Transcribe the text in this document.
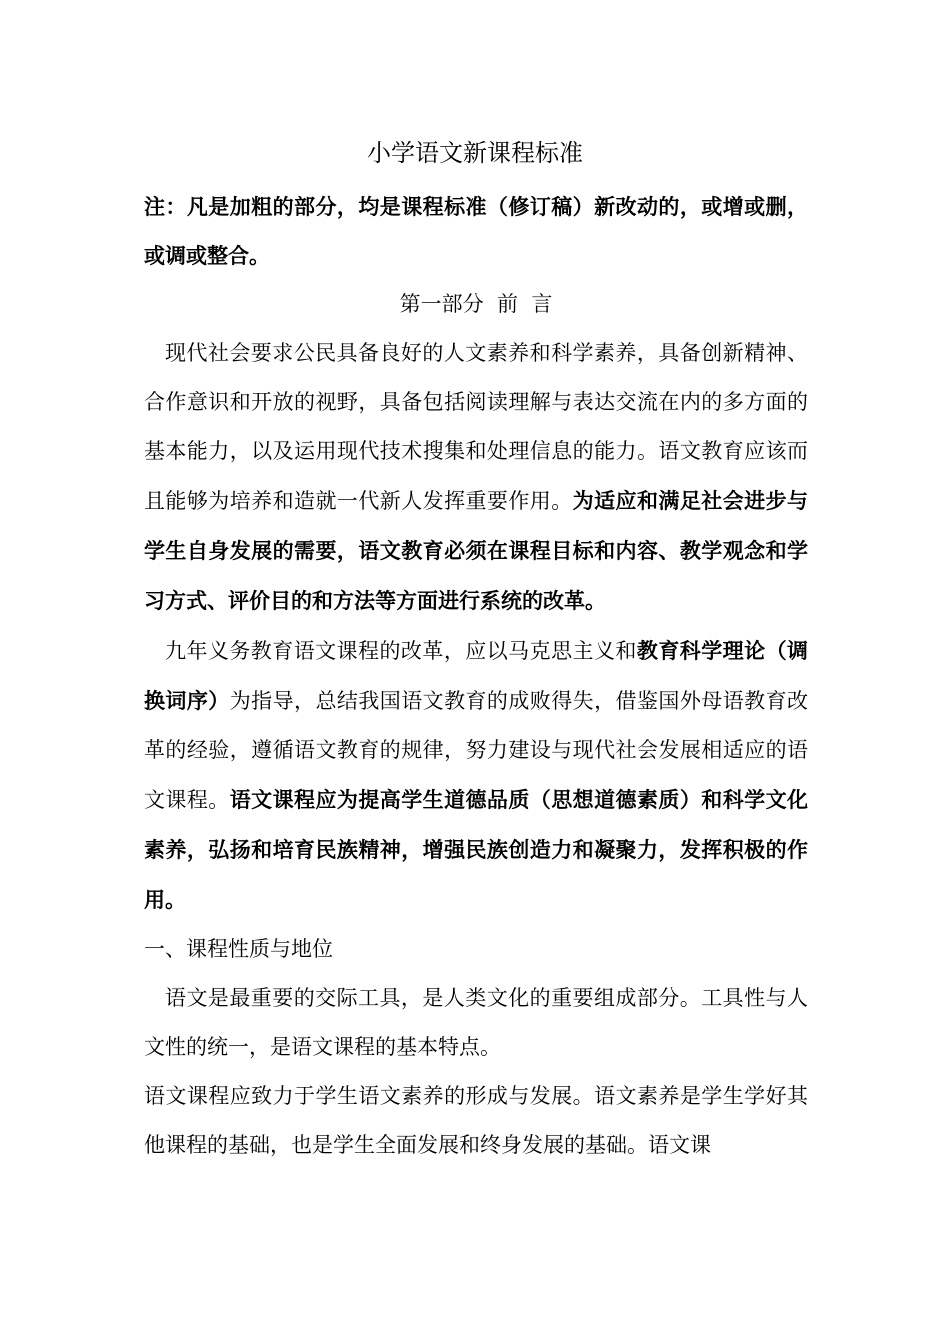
小学语文新课程标准

注：凡是加粗的部分，均是课程标准（修订稿）新改动的，或增或删，或调或整合。

第一部分  前  言

现代社会要求公民具备良好的人文素养和科学素养，具备创新精神、合作意识和开放的视野，具备包括阅读理解与表达交流在内的多方面的基本能力，以及运用现代技术搜集和处理信息的能力。语文教育应该而且能够为培养和造就一代新人发挥重要作用。为适应和满足社会进步与学生自身发展的需要，语文教育必须在课程目标和内容、教学观念和学习方式、评价目的和方法等方面进行系统的改革。

九年义务教育语文课程的改革，应以马克思主义和教育科学理论（调换词序）为指导，总结我国语文教育的成败得失，借鉴国外母语教育改革的经验，遵循语文教育的规律，努力建设与现代社会发展相适应的语文课程。语文课程应为提高学生道德品质（思想道德素质）和科学文化素养，弘扬和培育民族精神，增强民族创造力和凝聚力，发挥积极的作用。

一、课程性质与地位

语文是最重要的交际工具，是人类文化的重要组成部分。工具性与人文性的统一，是语文课程的基本特点。

语文课程应致力于学生语文素养的形成与发展。语文素养是学生学好其他课程的基础，也是学生全面发展和终身发展的基础。语文课
